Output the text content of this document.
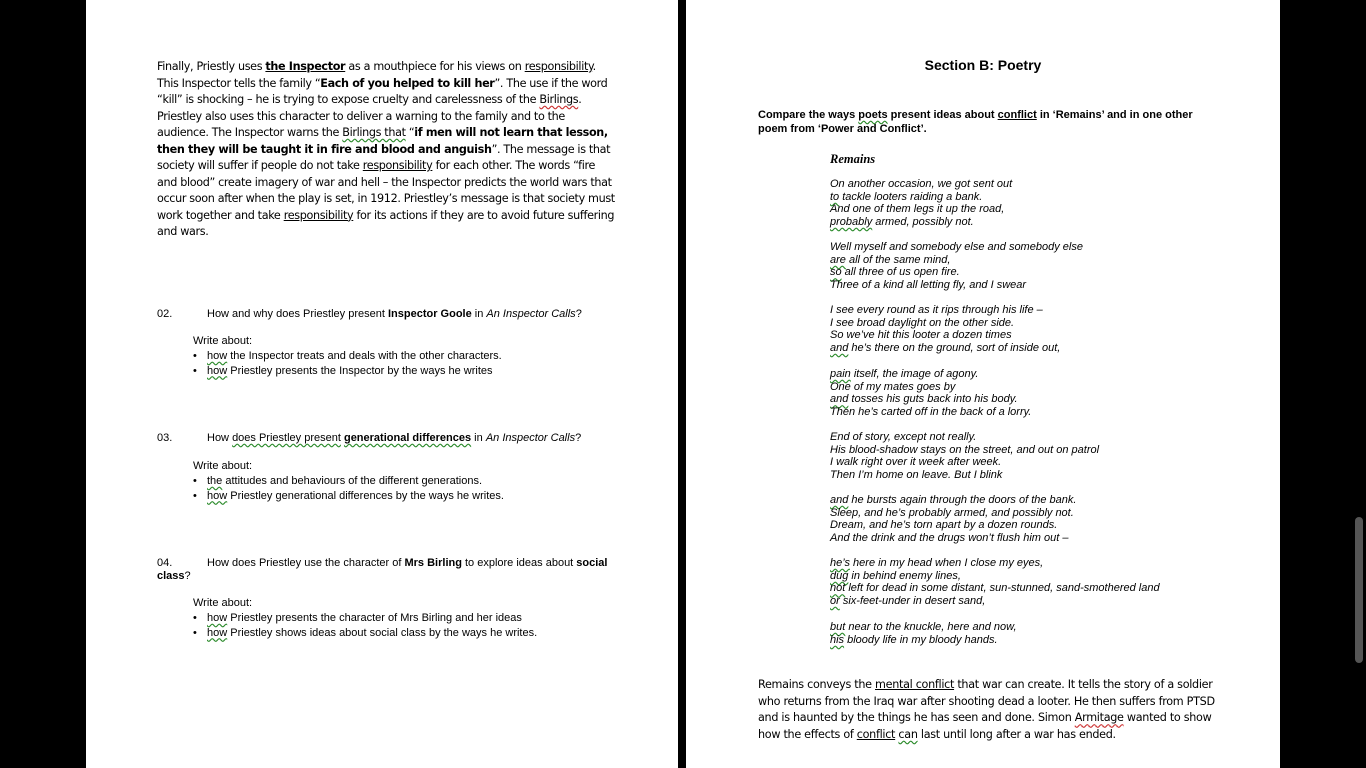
Finally, Priestly uses the Inspector as a mouthpiece for his views on responsibility. This Inspector tells the family “Each of you helped to kill her”. The use if the word “kill” is shocking – he is trying to expose cruelty and carelessness of the Birlings. Priestley also uses this character to deliver a warning to the family and to the audience. The Inspector warns the Birlings that “if men will not learn that lesson, then they will be taught it in fire and blood and anguish”. The message is that society will suffer if people do not take responsibility for each other. The words “fire and blood” create imagery of war and hell – the Inspector predicts the world wars that occur soon after when the play is set, in 1912. Priestley’s message is that society must work together and take responsibility for its actions if they are to avoid future suffering and wars.

02.	How and why does Priestley present Inspector Goole in An Inspector Calls?
Write about:
• how the Inspector treats and deals with the other characters.
• how Priestley presents the Inspector by the ways he writes
03.	How does Priestley present generational differences in An Inspector Calls?
Write about:
• the attitudes and behaviours of the different generations.
• how Priestley generational differences by the ways he writes.
04.	How does Priestley use the character of Mrs Birling to explore ideas about social class?
Write about:
• how Priestley presents the character of Mrs Birling and her ideas
• how Priestley shows ideas about social class by the ways he writes.
Section B: Poetry

Compare the ways poets present ideas about conflict in ‘Remains’ and in one other poem from ‘Power and Conflict’.

Remains
On another occasion, we got sent out
to tackle looters raiding a bank.
And one of them legs it up the road,
probably armed, possibly not.
Well myself and somebody else and somebody else
are all of the same mind,
so all three of us open fire.
Three of a kind all letting fly, and I swear
I see every round as it rips through his life –
I see broad daylight on the other side.
So we’ve hit this looter a dozen times
and he’s there on the ground, sort of inside out,
pain itself, the image of agony.
One of my mates goes by
and tosses his guts back into his body.
Then he’s carted off in the back of a lorry.
End of story, except not really.
His blood-shadow stays on the street, and out on patrol
I walk right over it week after week.
Then I’m home on leave. But I blink
and he bursts again through the doors of the bank.
Sleep, and he’s probably armed, and possibly not.
Dream, and he’s torn apart by a dozen rounds.
And the drink and the drugs won’t flush him out –
he’s here in my head when I close my eyes,
dug in behind enemy lines,
not left for dead in some distant, sun-stunned, sand-smothered land
or six-feet-under in desert sand,
but near to the knuckle, here and now,
his bloody life in my bloody hands.

Remains conveys the mental conflict that war can create. It tells the story of a soldier who returns from the Iraq war after shooting dead a looter. He then suffers from PTSD and is haunted by the things he has seen and done. Simon Armitage wanted to show how the effects of conflict can last until long after a war has ended.
